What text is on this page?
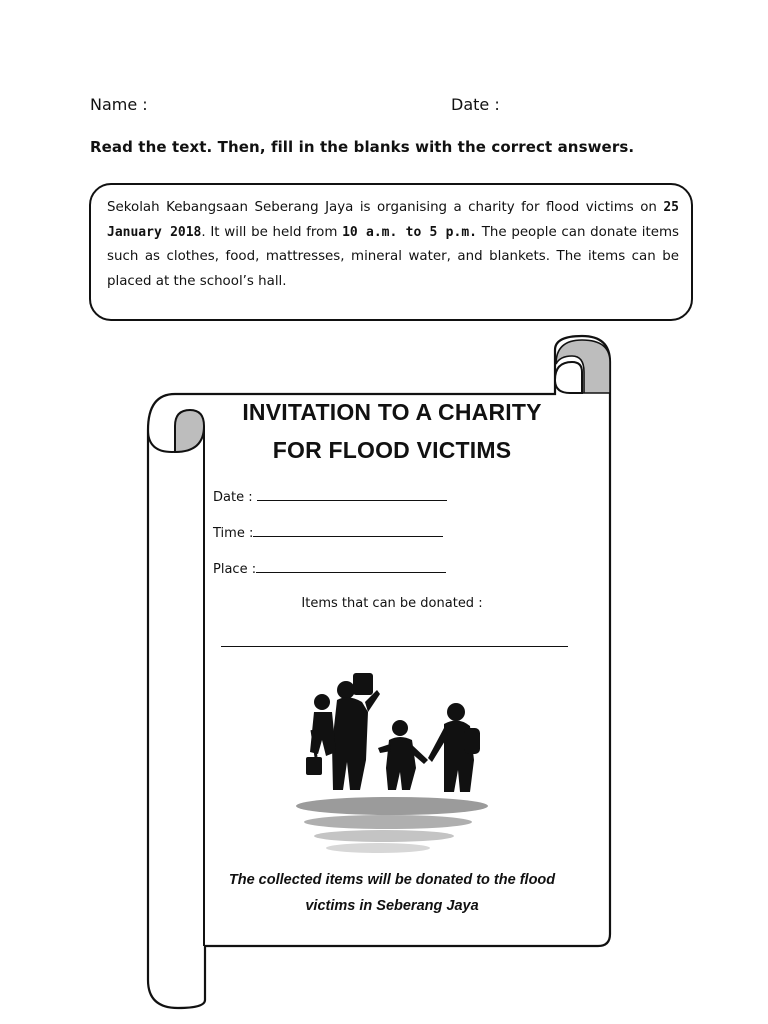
Name :	Date :
Read the text. Then, fill in the blanks with the correct answers.
Sekolah Kebangsaan Seberang Jaya is organising a charity for flood victims on 25 January 2018. It will be held from 10 a.m. to 5 p.m. The people can donate items such as clothes, food, mattresses, mineral water, and blankets. The items can be placed at the school’s hall.
INVITATION TO A CHARITY
FOR FLOOD VICTIMS
Date :
Time :
Place :
Items that can be donated :
The collected items will be donated to the flood
victims in Seberang Jaya
